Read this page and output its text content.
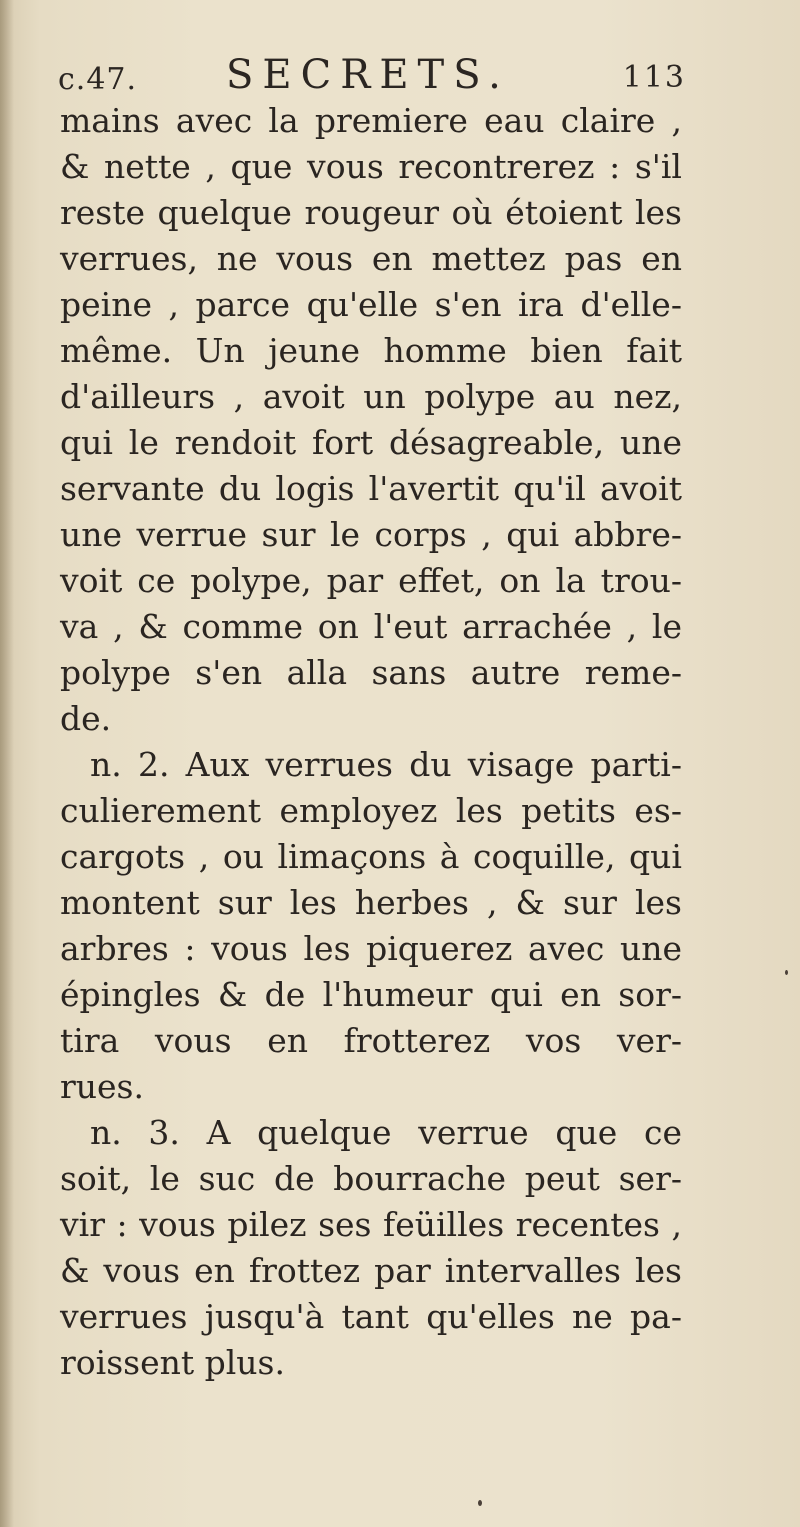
c.47. SECRETS.	113
mains avec la premiere eau claire ,
& nette , que vous recontrerez : s'il
reste quelque rougeur où étoient les
verrues, ne vous en mettez pas en
peine , parce qu'elle s'en ira d'elle-
même. Un jeune homme bien fait
d'ailleurs , avoit un polype au nez,
qui le rendoit fort désagreable, une
servante du logis l'avertit qu'il avoit
une verrue sur le corps , qui abbre-
voit ce polype, par effet, on la trou-
va , & comme on l'eut arrachée , le
polype s'en alla sans autre reme-
de.
n. 2. Aux verrues du visage parti-
culierement employez les petits es-
cargots , ou limaçons à coquille, qui
montent sur les herbes , & sur les
arbres : vous les piquerez avec une
épingles & de l'humeur qui en sor-
tira vous en frotterez vos ver-
rues.
n. 3. A quelque verrue que ce
soit, le suc de bourrache peut ser-
vir : vous pilez ses feüilles recentes ,
& vous en frottez par intervalles les
verrues jusqu'à tant qu'elles ne pa-
roissent plus.
